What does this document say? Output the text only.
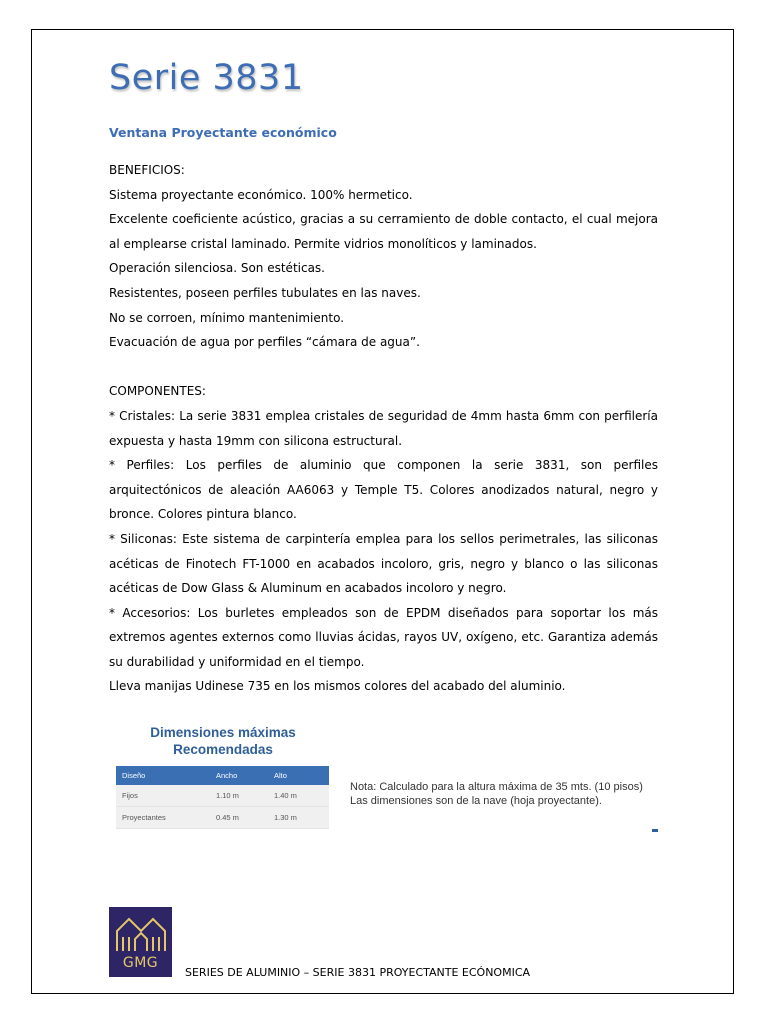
Serie 3831
Ventana Proyectante económico

BENEFICIOS:

Sistema proyectante económico. 100% hermetico.

Excelente coeficiente acústico, gracias a su cerramiento de doble contacto, el cual mejora al emplearse cristal laminado. Permite vidrios monolíticos y laminados.

Operación silenciosa. Son estéticas.

Resistentes, poseen perfiles tubulates en las naves.

No se corroen, mínimo mantenimiento.

Evacuación de agua por perfiles “cámara de agua”.

COMPONENTES:

* Cristales: La serie 3831 emplea cristales de seguridad de 4mm hasta 6mm con perfilería expuesta y hasta 19mm con silicona estructural.

* Perfiles: Los perfiles de aluminio que componen la serie 3831, son perfiles arquitectónicos de aleación AA6063 y Temple T5. Colores anodizados natural, negro y bronce. Colores pintura blanco.

* Siliconas: Este sistema de carpintería emplea para los sellos perimetrales, las siliconas acéticas de Finotech FT-1000 en acabados incoloro, gris, negro y blanco o las siliconas acéticas de Dow Glass & Aluminum en acabados incoloro y negro.

* Accesorios: Los burletes empleados son de EPDM diseñados para soportar los más extremos agentes externos como lluvias ácidas, rayos UV, oxígeno, etc. Garantiza además su durabilidad y uniformidad en el tiempo.

Lleva manijas Udinese 735 en los mismos colores del acabado del aluminio.

Dimensiones máximas

Recomendadas

Diseño	Ancho	Alto
Fijos	1.10 m	1.40 m
Proyectantes	0.45 m	1.30 m

Nota: Calculado para la altura máxima de 35 mts. (10 pisos)

Las dimensiones son de la nave (hoja proyectante).

GMG
SERIES DE ALUMINIO – SERIE 3831 PROYECTANTE ECÓNOMICA
